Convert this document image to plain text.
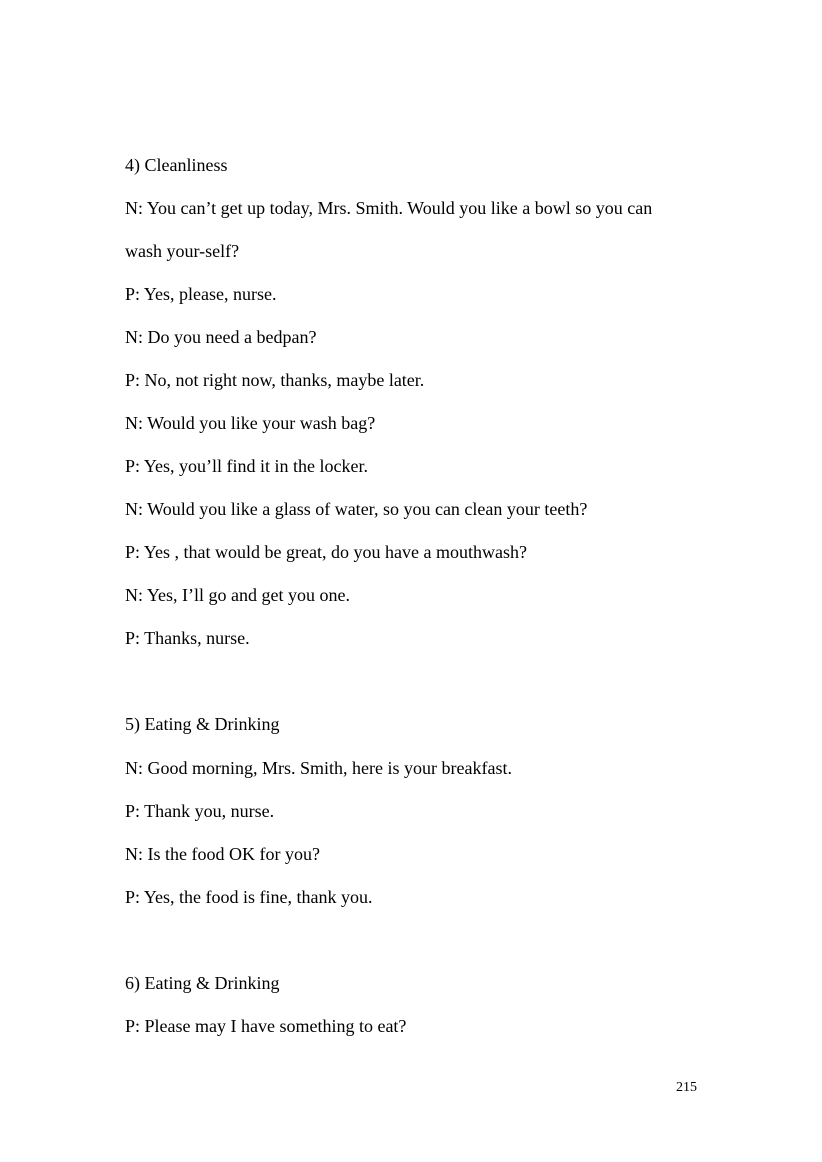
4) Cleanliness
N: You can’t get up today, Mrs. Smith. Would you like a bowl so you can
wash your-self?
P: Yes, please, nurse.
N: Do you need a bedpan?
P: No, not right now, thanks, maybe later.
N: Would you like your wash bag?
P: Yes, you’ll find it in the locker.
N: Would you like a glass of water, so you can clean your teeth?
P: Yes , that would be great, do you have a mouthwash?
N: Yes, I’ll go and get you one.
P: Thanks, nurse.
5) Eating & Drinking
N: Good morning, Mrs. Smith, here is your breakfast.
P: Thank you, nurse.
N: Is the food OK for you?
P: Yes, the food is fine, thank you.
6) Eating & Drinking
P: Please may I have something to eat?
215
